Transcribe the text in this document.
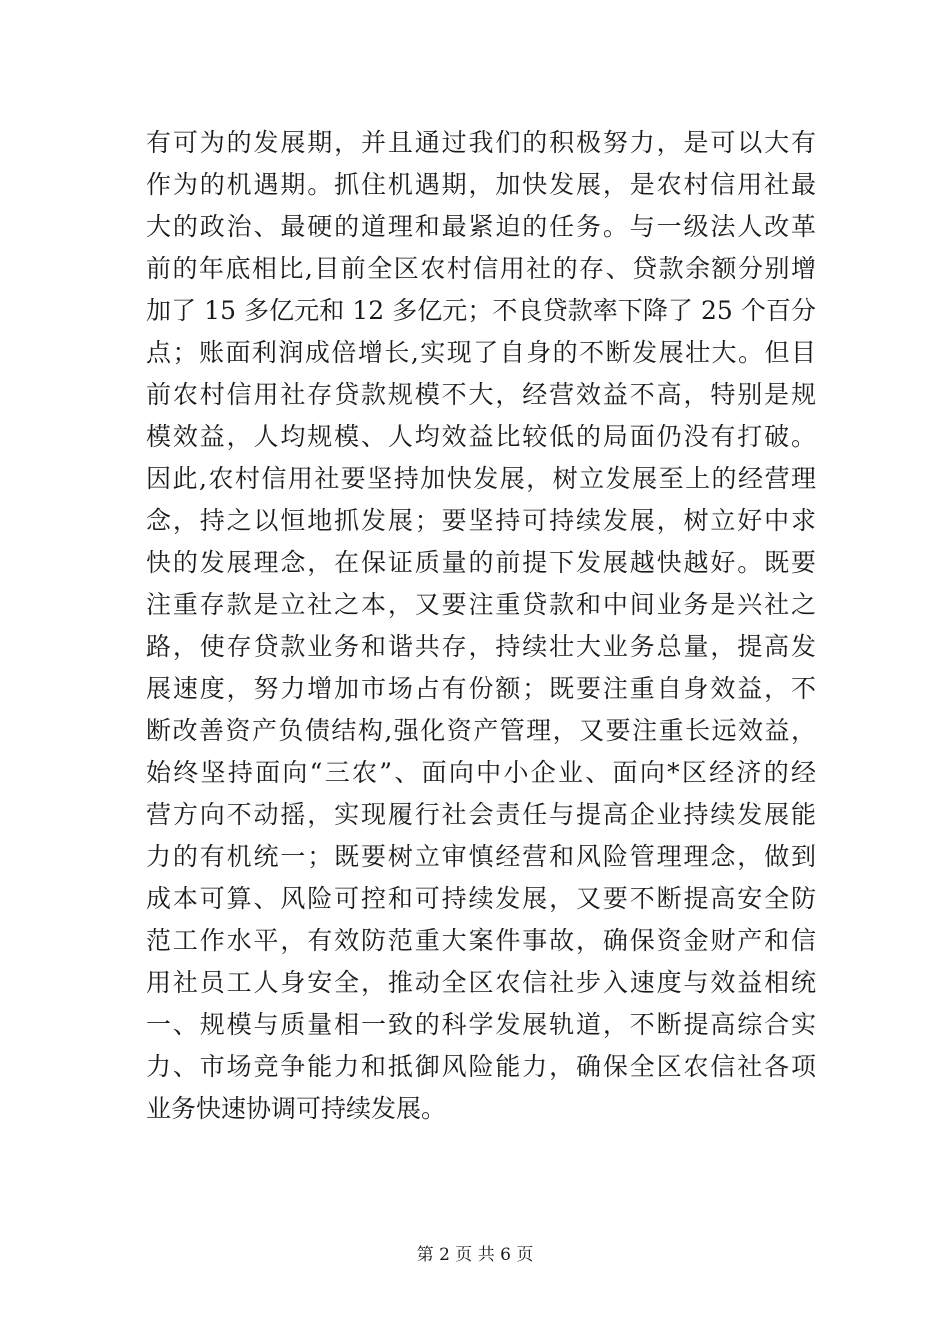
有可为的发展期，并且通过我们的积极努力，是可以大有
作为的机遇期。抓住机遇期，加快发展，是农村信用社最
大的政治、最硬的道理和最紧迫的任务。与一级法人改革
前的年底相比,目前全区农村信用社的存、贷款余额分别增
加了 15 多亿元和 12 多亿元；不良贷款率下降了 25 个百分
点；账面利润成倍增长,实现了自身的不断发展壮大。但目
前农村信用社存贷款规模不大，经营效益不高，特别是规
模效益，人均规模、人均效益比较低的局面仍没有打破。
因此,农村信用社要坚持加快发展，树立发展至上的经营理
念，持之以恒地抓发展；要坚持可持续发展，树立好中求
快的发展理念，在保证质量的前提下发展越快越好。既要
注重存款是立社之本，又要注重贷款和中间业务是兴社之
路，使存贷款业务和谐共存，持续壮大业务总量，提高发
展速度，努力增加市场占有份额；既要注重自身效益，不
断改善资产负债结构,强化资产管理，又要注重长远效益，
始终坚持面向“三农”、面向中小企业、面向*区经济的经
营方向不动摇，实现履行社会责任与提高企业持续发展能
力的有机统一；既要树立审慎经营和风险管理理念，做到
成本可算、风险可控和可持续发展，又要不断提高安全防
范工作水平，有效防范重大案件事故，确保资金财产和信
用社员工人身安全，推动全区农信社步入速度与效益相统
一、规模与质量相一致的科学发展轨道，不断提高综合实
力、市场竞争能力和抵御风险能力，确保全区农信社各项
业务快速协调可持续发展。
第 2 页 共 6 页
